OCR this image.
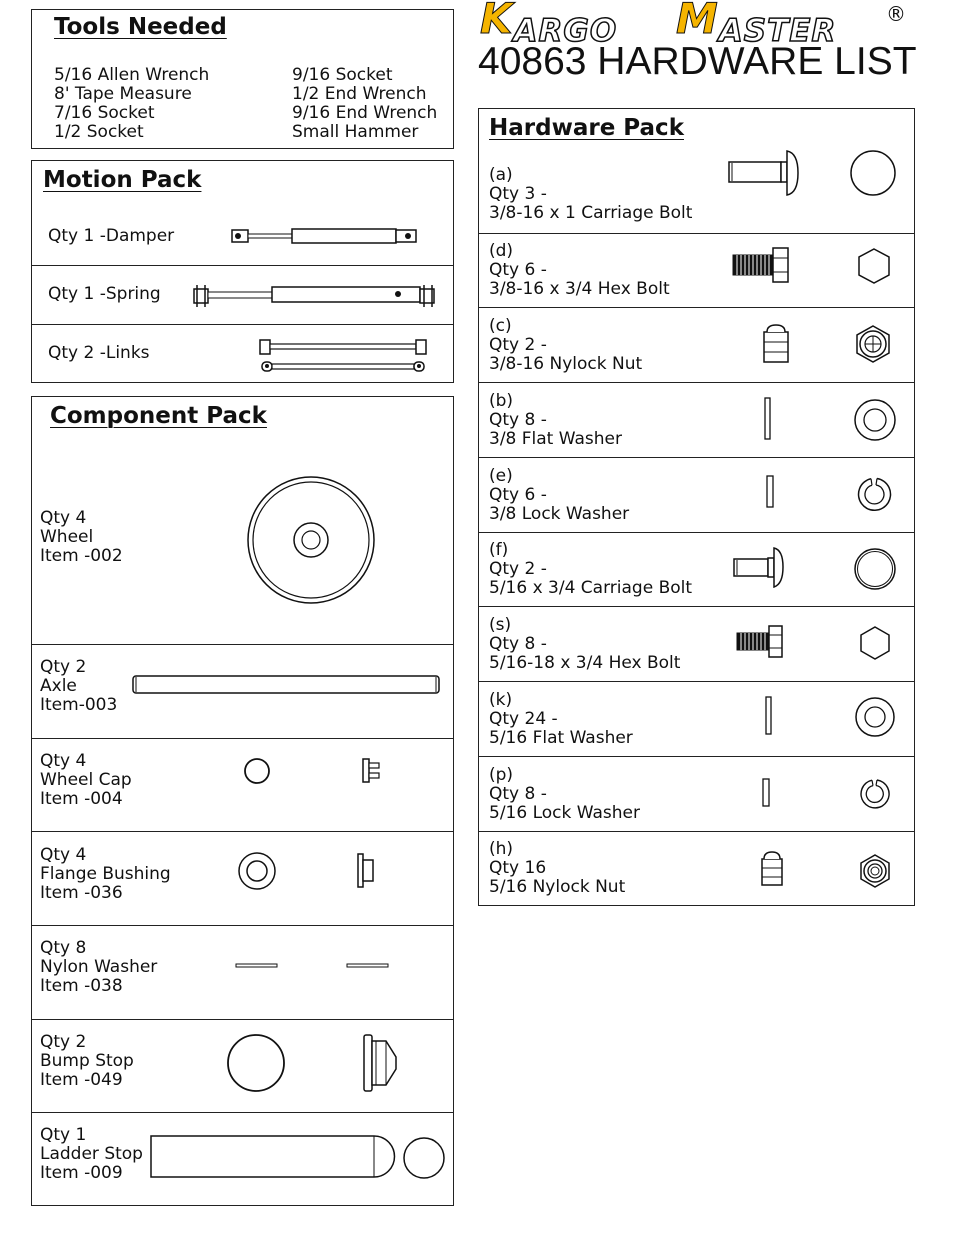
KARGO MASTER ®
40863 HARDWARE LIST
Tools Needed
5/16 Allen Wrench
8' Tape Measure
7/16 Socket
1/2 Socket
9/16 Socket
1/2 End Wrench
9/16 End Wrench
Small Hammer
Motion Pack
Qty 1 -Damper
Qty 1 -Spring
Qty 2 -Links
Component Pack
Qty 4
Wheel
Item -002
Qty 2
Axle
Item-003
Qty 4
Wheel Cap
Item -004
Qty 4
Flange Bushing
Item -036
Qty 8
Nylon Washer
Item -038
Qty 2
Bump Stop
Item -049
Qty 1
Ladder Stop
Item -009
Hardware Pack
(a)
Qty 3 -
3/8-16 x 1 Carriage Bolt
(d)
Qty 6 -
3/8-16 x 3/4 Hex Bolt
(c)
Qty 2 -
3/8-16 Nylock Nut
(b)
Qty 8 -
3/8 Flat Washer
(e)
Qty 6 -
3/8 Lock Washer
(f)
Qty 2 -
5/16 x 3/4 Carriage Bolt
(s)
Qty 8 -
5/16-18 x 3/4 Hex Bolt
(k)
Qty 24 -
5/16 Flat Washer
(p)
Qty 8 -
5/16 Lock Washer
(h)
Qty 16
5/16 Nylock Nut
